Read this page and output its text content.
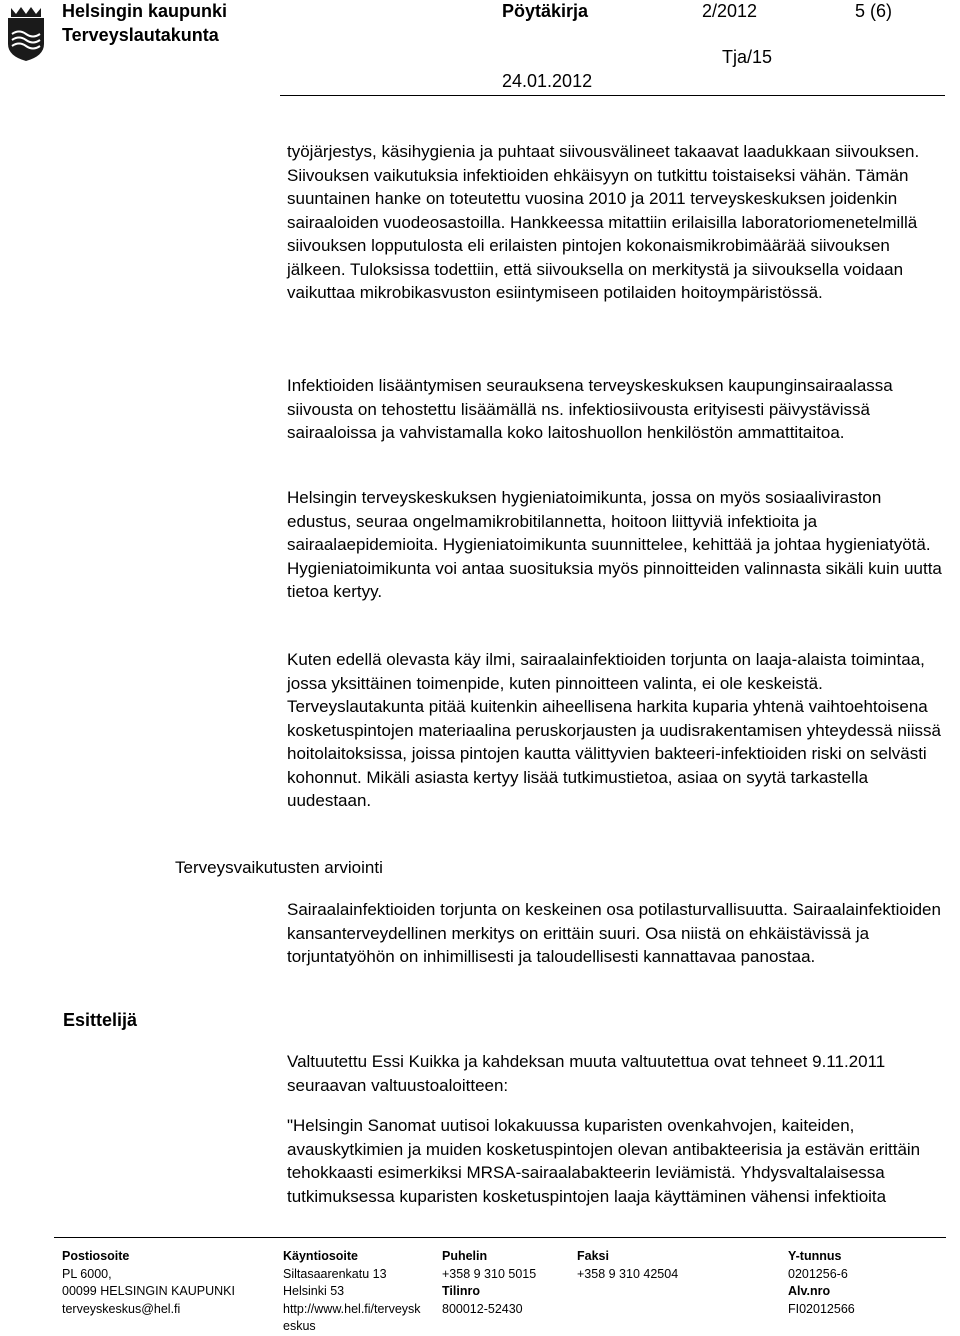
Helsingin kaupunki
Terveyslautakunta
Pöytäkirja	2/2012	5 (6)
Tja/15
24.01.2012

työjärjestys, käsihygienia ja puhtaat siivousvälineet takaavat laadukkaan siivouksen. Siivouksen vaikutuksia infektioiden ehkäisyyn on tutkittu toistaiseksi vähän. Tämän suuntainen hanke on toteutettu vuosina 2010 ja 2011 terveyskeskuksen joidenkin sairaaloiden vuodeosastoilla. Hankkeessa mitattiin erilaisilla laboratoriomenetelmillä siivouksen lopputulosta eli erilaisten pintojen kokonaismikrobimäärää siivouksen jälkeen. Tuloksissa todettiin, että siivouksella on merkitystä ja siivouksella voidaan vaikuttaa mikrobikasvuston esiintymiseen potilaiden hoitoympäristössä.

Infektioiden lisääntymisen seurauksena terveyskeskuksen kaupunginsairaalassa siivousta on tehostettu lisäämällä ns. infektiosiivousta erityisesti päivystävissä sairaaloissa ja vahvistamalla koko laitoshuollon henkilöstön ammattitaitoa.

Helsingin terveyskeskuksen hygieniatoimikunta, jossa on myös sosiaaliviraston edustus, seuraa ongelmamikrobitilannetta, hoitoon liittyviä infektioita ja sairaalaepidemioita. Hygieniatoimikunta suunnittelee, kehittää ja johtaa hygieniatyötä. Hygieniatoimikunta voi antaa suosituksia myös pinnoitteiden valinnasta sikäli kuin uutta tietoa kertyy.

Kuten edellä olevasta käy ilmi, sairaalainfektioiden torjunta on laaja-alaista toimintaa, jossa yksittäinen toimenpide, kuten pinnoitteen valinta, ei ole keskeistä. Terveyslautakunta pitää kuitenkin aiheellisena harkita kuparia yhtenä vaihtoehtoisena kosketuspintojen materiaalina peruskorjausten ja uudisrakentamisen yhteydessä niissä hoitolaitoksissa, joissa pintojen kautta välittyvien bakteeri-infektioiden riski on selvästi kohonnut. Mikäli asiasta kertyy lisää tutkimustietoa, asiaa on syytä tarkastella uudestaan.

Terveysvaikutusten arviointi

Sairaalainfektioiden torjunta on keskeinen osa potilasturvallisuutta. Sairaalainfektioiden kansanterveydellinen merkitys on erittäin suuri. Osa niistä on ehkäistävissä ja torjuntatyöhön on inhimillisesti ja taloudellisesti kannattavaa panostaa.

Esittelijä

Valtuutettu Essi Kuikka ja kahdeksan muuta valtuutettua ovat tehneet 9.11.2011 seuraavan valtuustoaloitteen:

"Helsingin Sanomat uutisoi lokakuussa kuparisten ovenkahvojen, kaiteiden, avauskytkimien ja muiden kosketuspintojen olevan antibakteerisia ja estävän erittäin tehokkaasti esimerkiksi MRSA-sairaalabakteerin leviämistä. Yhdysvaltalaisessa tutkimuksessa kuparisten kosketuspintojen laaja käyttäminen vähensi infektioita

Postiosoite
PL 6000,
00099 HELSINGIN KAUPUNKI
terveyskeskus@hel.fi
Käyntiosoite
Siltasaarenkatu 13
Helsinki 53
http://www.hel.fi/terveysk
eskus
Puhelin
+358 9 310 5015
Tilinro
800012-52430
Faksi
+358 9 310 42504
Y-tunnus
0201256-6
Alv.nro
FI02012566
